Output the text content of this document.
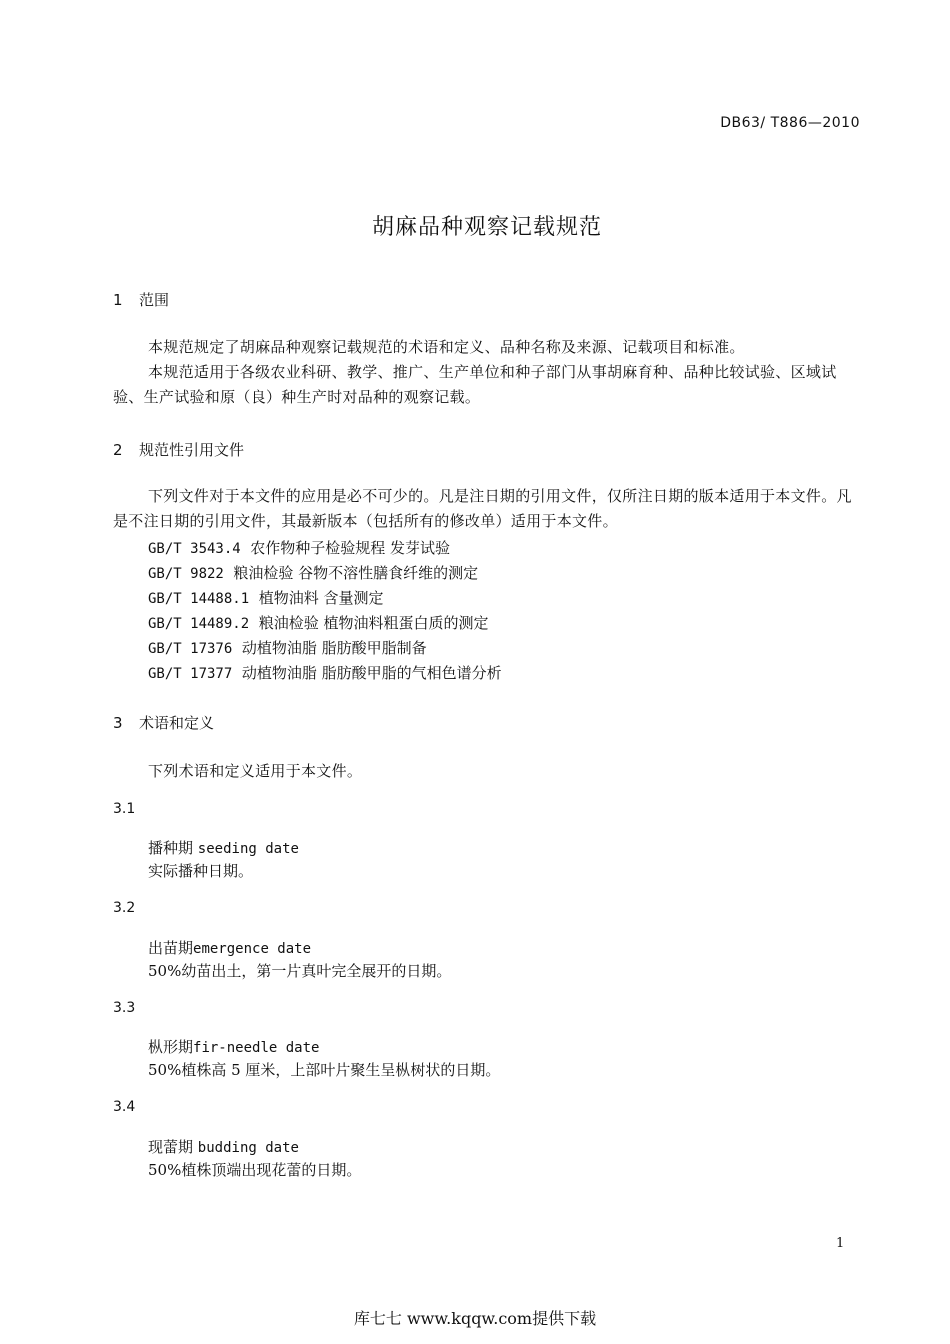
DB63/ T886—2010
胡麻品种观察记载规范
1 范围
本规范规定了胡麻品种观察记载规范的术语和定义、品种名称及来源、记载项目和标准。
本规范适用于各级农业科研、教学、推广、生产单位和种子部门从事胡麻育种、品种比较试验、区域试验、生产试验和原（良）种生产时对品种的观察记载。
2 规范性引用文件
下列文件对于本文件的应用是必不可少的。凡是注日期的引用文件，仅所注日期的版本适用于本文件。凡是不注日期的引用文件，其最新版本（包括所有的修改单）适用于本文件。
GB/T 3543.4 农作物种子检验规程 发芽试验
GB/T 9822 粮油检验 谷物不溶性膳食纤维的测定
GB/T 14488.1 植物油料 含量测定
GB/T 14489.2 粮油检验 植物油料粗蛋白质的测定
GB/T 17376 动植物油脂 脂肪酸甲脂制备
GB/T 17377 动植物油脂 脂肪酸甲脂的气相色谱分析
3 术语和定义
下列术语和定义适用于本文件。
3.1
播种期 seeding date
实际播种日期。
3.2
出苗期emergence date
50%幼苗出土，第一片真叶完全展开的日期。
3.3
枞形期fir-needle date
50%植株高 5 厘米，上部叶片聚生呈枞树状的日期。
3.4
现蕾期 budding date
50%植株顶端出现花蕾的日期。
1
库七七 www.kqqw.com提供下载
